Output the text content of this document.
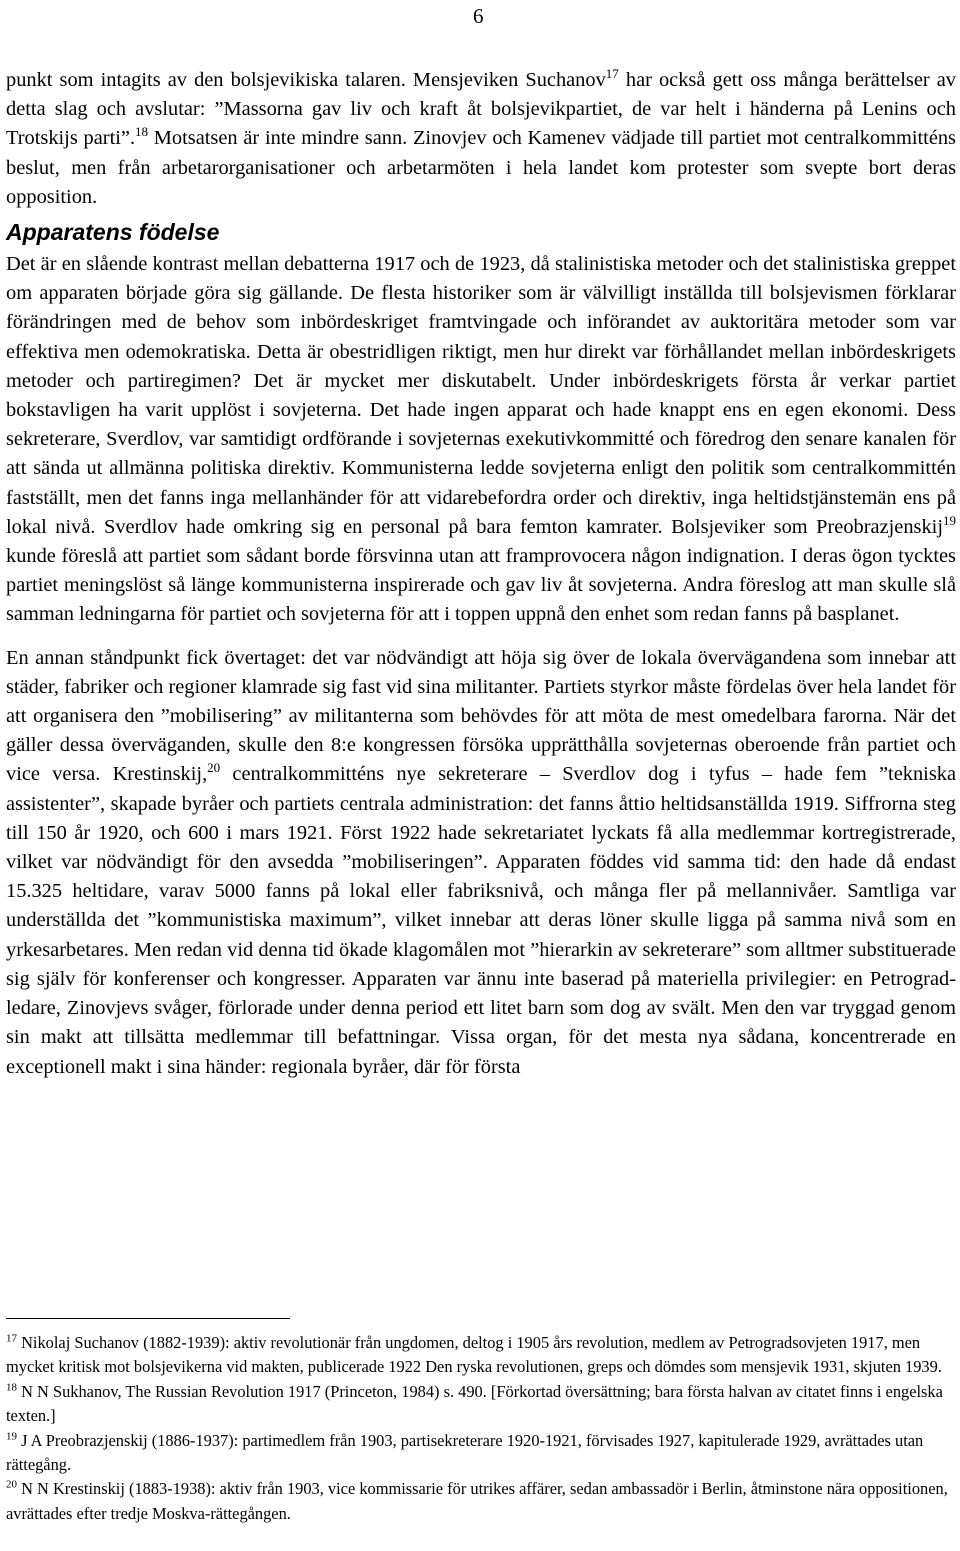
6

punkt som intagits av den bolsjevikiska talaren. Mensjeviken Suchanov$^{17}$ har också gett oss många berättelser av detta slag och avslutar: ”Massorna gav liv och kraft åt bolsjevikpartiet, de var helt i händerna på Lenins och Trotskijs parti”.$^{18}$ Motsatsen är inte mindre sann. Zinovjev och Kamenev vädjade till partiet mot centralkommitténs beslut, men från arbetarorganisationer och arbetarmöten i hela landet kom protester som svepte bort deras opposition.

Apparatens födelse

Det är en slående kontrast mellan debatterna 1917 och de 1923, då stalinistiska metoder och det stalinistiska greppet om apparaten började göra sig gällande. De flesta historiker som är välvilligt inställda till bolsjevismen förklarar förändringen med de behov som inbördeskriget framtvingade och införandet av auktoritära metoder som var effektiva men odemokratiska. Detta är obestridligen riktigt, men hur direkt var förhållandet mellan inbördeskrigets metoder och partiregimen? Det är mycket mer diskutabelt. Under inbördeskrigets första år verkar partiet bokstavligen ha varit upplöst i sovjeterna. Det hade ingen apparat och hade knappt ens en egen ekonomi. Dess sekreterare, Sverdlov, var samtidigt ordförande i sovjeternas exekutivkommitté och föredrog den senare kanalen för att sända ut allmänna politiska direktiv. Kommunisterna ledde sovjeterna enligt den politik som centralkommittén fastställt, men det fanns inga mellanhänder för att vidarebefordra order och direktiv, inga heltidstjänstemän ens på lokal nivå. Sverdlov hade omkring sig en personal på bara femton kamrater. Bolsjeviker som Preobrazjenskij$^{19}$ kunde föreslå att partiet som sådant borde försvinna utan att framprovocera någon indignation. I deras ögon tycktes partiet meningslöst så länge kommunisterna inspirerade och gav liv åt sovjeterna. Andra föreslog att man skulle slå samman ledningarna för partiet och sovjeterna för att i toppen uppnå den enhet som redan fanns på basplanet.

En annan ståndpunkt fick övertaget: det var nödvändigt att höja sig över de lokala övervägandena som innebar att städer, fabriker och regioner klamrade sig fast vid sina militanter. Partiets styrkor måste fördelas över hela landet för att organisera den ”mobilisering” av militanterna som behövdes för att möta de mest omedelbara farorna. När det gäller dessa överväganden, skulle den 8:e kongressen försöka upprätthålla sovjeternas oberoende från partiet och vice versa. Krestinskij,$^{20}$ centralkommitténs nye sekreterare – Sverdlov dog i tyfus – hade fem ”tekniska assistenter”, skapade byråer och partiets centrala administration: det fanns åttio heltidsanställda 1919. Siffrorna steg till 150 år 1920, och 600 i mars 1921. Först 1922 hade sekretariatet lyckats få alla medlemmar kortregistrerade, vilket var nödvändigt för den avsedda ”mobiliseringen”. Apparaten föddes vid samma tid: den hade då endast 15.325 heltidare, varav 5000 fanns på lokal eller fabriksnivå, och många fler på mellannivåer. Samtliga var underställda det ”kommunistiska maximum”, vilket innebar att deras löner skulle ligga på samma nivå som en yrkesarbetares. Men redan vid denna tid ökade klagomålen mot ”hierarkin av sekreterare” som alltmer substituerade sig själv för konferenser och kongresser. Apparaten var ännu inte baserad på materiella privilegier: en Petrograd-ledare, Zinovjevs svåger, förlorade under denna period ett litet barn som dog av svält. Men den var tryggad genom sin makt att tillsätta medlemmar till befattningar. Vissa organ, för det mesta nya sådana, koncentrerade en exceptionell makt i sina händer: regionala byråer, där för första

$^{17}$ Nikolaj Suchanov (1882-1939): aktiv revolutionär från ungdomen, deltog i 1905 års revolution, medlem av Petrogradsovjeten 1917, men mycket kritisk mot bolsjevikerna vid makten, publicerade 1922 Den ryska revolutionen, greps och dömdes som mensjevik 1931, skjuten 1939.

$^{18}$ N N Sukhanov, The Russian Revolution 1917 (Princeton, 1984) s. 490. [Förkortad översättning; bara första halvan av citatet finns i engelska texten.]

$^{19}$ J A Preobrazjenskij (1886-1937): partimedlem från 1903, partisekreterare 1920-1921, förvisades 1927, kapitulerade 1929, avrättades utan rättegång.

$^{20}$ N N Krestinskij (1883-1938): aktiv från 1903, vice kommissarie för utrikes affärer, sedan ambassadör i Berlin, åtminstone nära oppositionen, avrättades efter tredje Moskva-rättegången.
